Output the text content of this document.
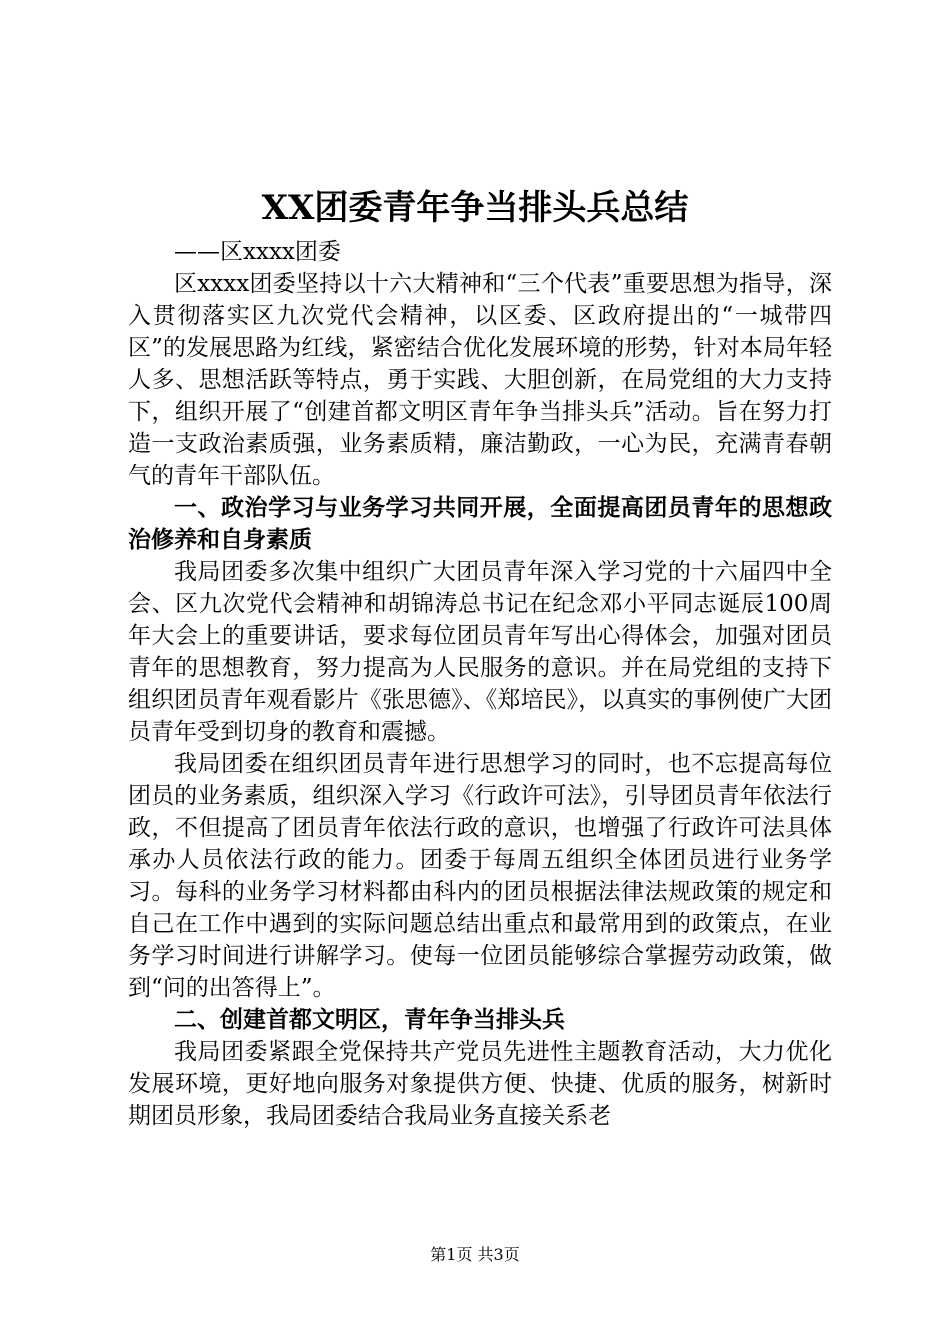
XX团委青年争当排头兵总结

——区xxxx团委

区xxxx团委坚持以十六大精神和“三个代表”重要思想为指导，深入贯彻落实区九次党代会精神，以区委、区政府提出的“一城带四区”的发展思路为红线，紧密结合优化发展环境的形势，针对本局年轻人多、思想活跃等特点，勇于实践、大胆创新，在局党组的大力支持下，组织开展了“创建首都文明区青年争当排头兵”活动。旨在努力打造一支政治素质强，业务素质精，廉洁勤政，一心为民，充满青春朝气的青年干部队伍。

一、政治学习与业务学习共同开展，全面提高团员青年的思想政治修养和自身素质

我局团委多次集中组织广大团员青年深入学习党的十六届四中全会、区九次党代会精神和胡锦涛总书记在纪念邓小平同志诞辰100周年大会上的重要讲话，要求每位团员青年写出心得体会，加强对团员青年的思想教育，努力提高为人民服务的意识。并在局党组的支持下组织团员青年观看影片《张思德》、《郑培民》，以真实的事例使广大团员青年受到切身的教育和震撼。

我局团委在组织团员青年进行思想学习的同时，也不忘提高每位团员的业务素质，组织深入学习《行政许可法》，引导团员青年依法行政，不但提高了团员青年依法行政的意识，也增强了行政许可法具体承办人员依法行政的能力。团委于每周五组织全体团员进行业务学习。每科的业务学习材料都由科内的团员根据法律法规政策的规定和自己在工作中遇到的实际问题总结出重点和最常用到的政策点，在业务学习时间进行讲解学习。使每一位团员能够综合掌握劳动政策，做到“问的出答得上”。

二、创建首都文明区，青年争当排头兵

我局团委紧跟全党保持共产党员先进性主题教育活动，大力优化发展环境，更好地向服务对象提供方便、快捷、优质的服务，树新时期团员形象，我局团委结合我局业务直接关系老

第1页 共3页
